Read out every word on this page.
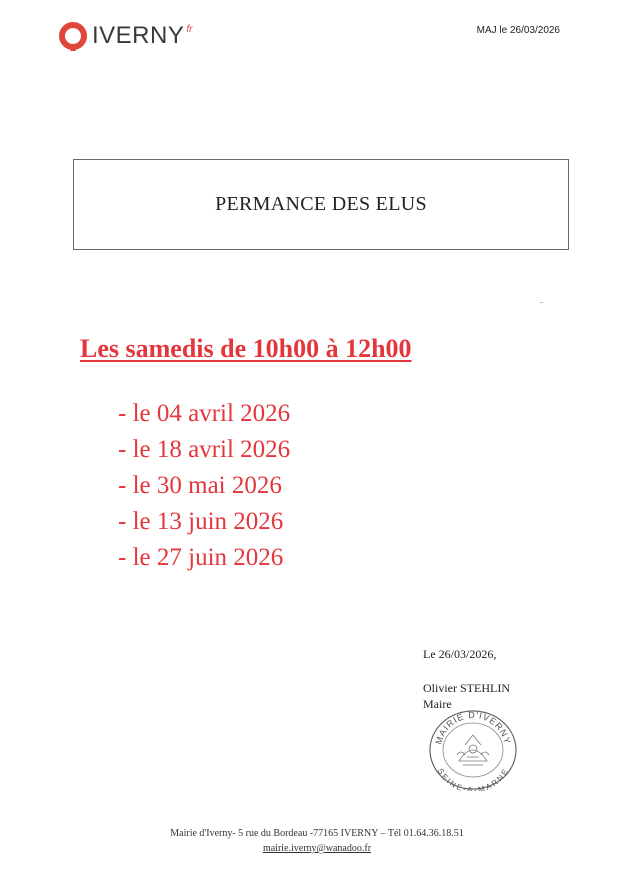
IVERNY fr	MAJ le 26/03/2026
PERMANCE DES ELUS
Les samedis de 10h00 à 12h00
- le 04 avril 2026
- le 18 avril 2026
- le 30 mai 2026
- le 13 juin 2026
- le 27 juin 2026
Le 26/03/2026,
Olivier STEHLIN
Maire
MAIRIE D'IVERNY
SEINE-&-MARNE
Mairie d'Iverny- 5 rue du Bordeau -77165 IVERNY – Tél 01.64.36.18.51
mairie.iverny@wanadoo.fr
